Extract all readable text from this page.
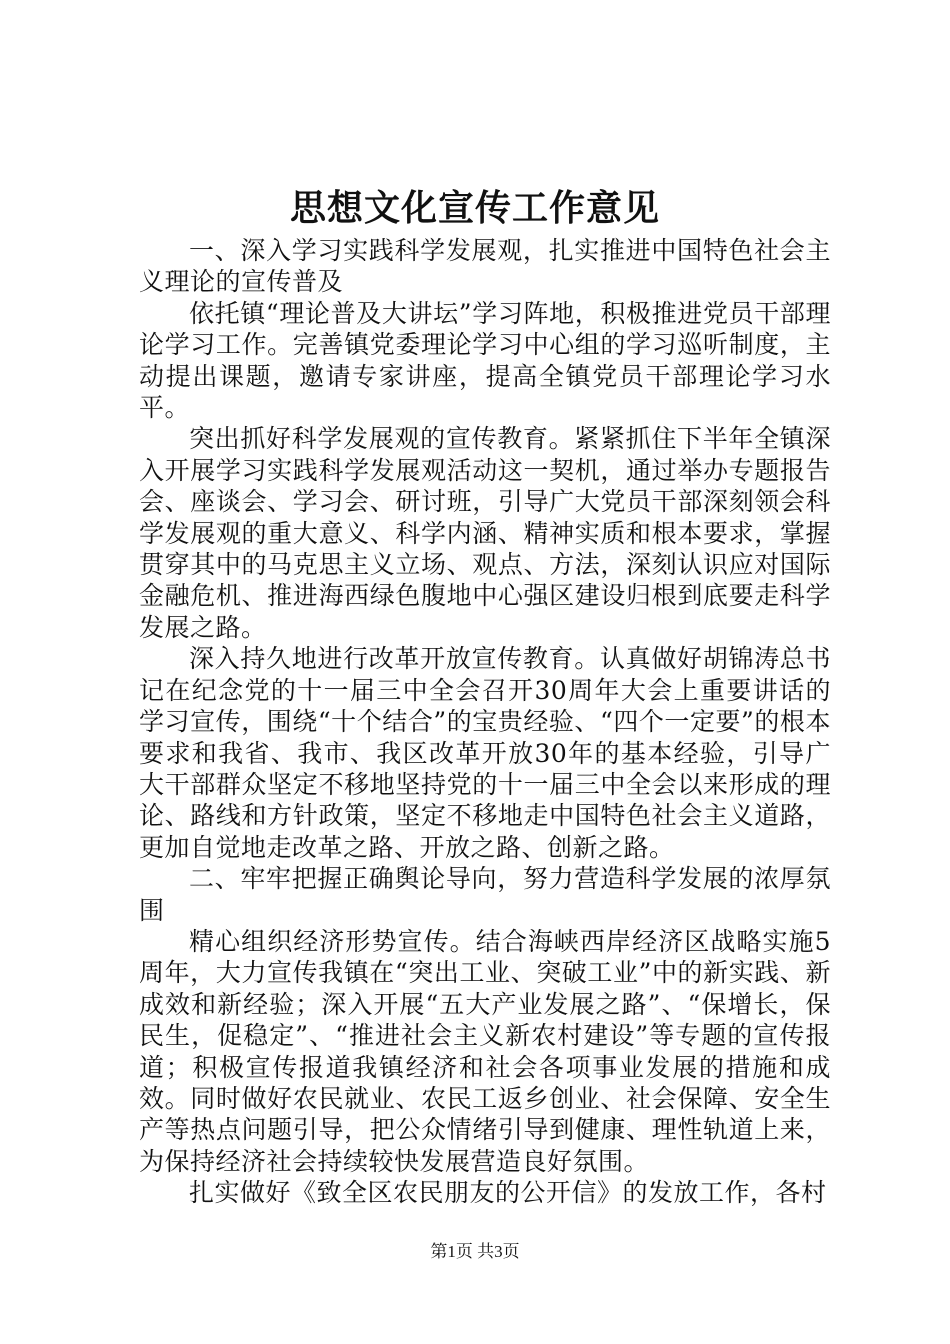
思想文化宣传工作意见

一、深入学习实践科学发展观，扎实推进中国特色社会主义理论的宣传普及

依托镇“理论普及大讲坛”学习阵地，积极推进党员干部理论学习工作。完善镇党委理论学习中心组的学习巡听制度，主动提出课题，邀请专家讲座，提高全镇党员干部理论学习水平。

突出抓好科学发展观的宣传教育。紧紧抓住下半年全镇深入开展学习实践科学发展观活动这一契机，通过举办专题报告会、座谈会、学习会、研讨班，引导广大党员干部深刻领会科学发展观的重大意义、科学内涵、精神实质和根本要求，掌握贯穿其中的马克思主义立场、观点、方法，深刻认识应对国际金融危机、推进海西绿色腹地中心强区建设归根到底要走科学发展之路。

深入持久地进行改革开放宣传教育。认真做好胡锦涛总书记在纪念党的十一届三中全会召开30周年大会上重要讲话的学习宣传，围绕“十个结合”的宝贵经验、“四个一定要”的根本要求和我省、我市、我区改革开放30年的基本经验，引导广大干部群众坚定不移地坚持党的十一届三中全会以来形成的理论、路线和方针政策，坚定不移地走中国特色社会主义道路，更加自觉地走改革之路、开放之路、创新之路。

二、牢牢把握正确舆论导向，努力营造科学发展的浓厚氛围

精心组织经济形势宣传。结合海峡西岸经济区战略实施5周年，大力宣传我镇在“突出工业、突破工业”中的新实践、新成效和新经验；深入开展“五大产业发展之路”、“保增长，保民生，促稳定”、“推进社会主义新农村建设”等专题的宣传报道；积极宣传报道我镇经济和社会各项事业发展的措施和成效。同时做好农民就业、农民工返乡创业、社会保障、安全生产等热点问题引导，把公众情绪引导到健康、理性轨道上来，为保持经济社会持续较快发展营造良好氛围。

扎实做好《致全区农民朋友的公开信》的发放工作，各村

第1页 共3页
